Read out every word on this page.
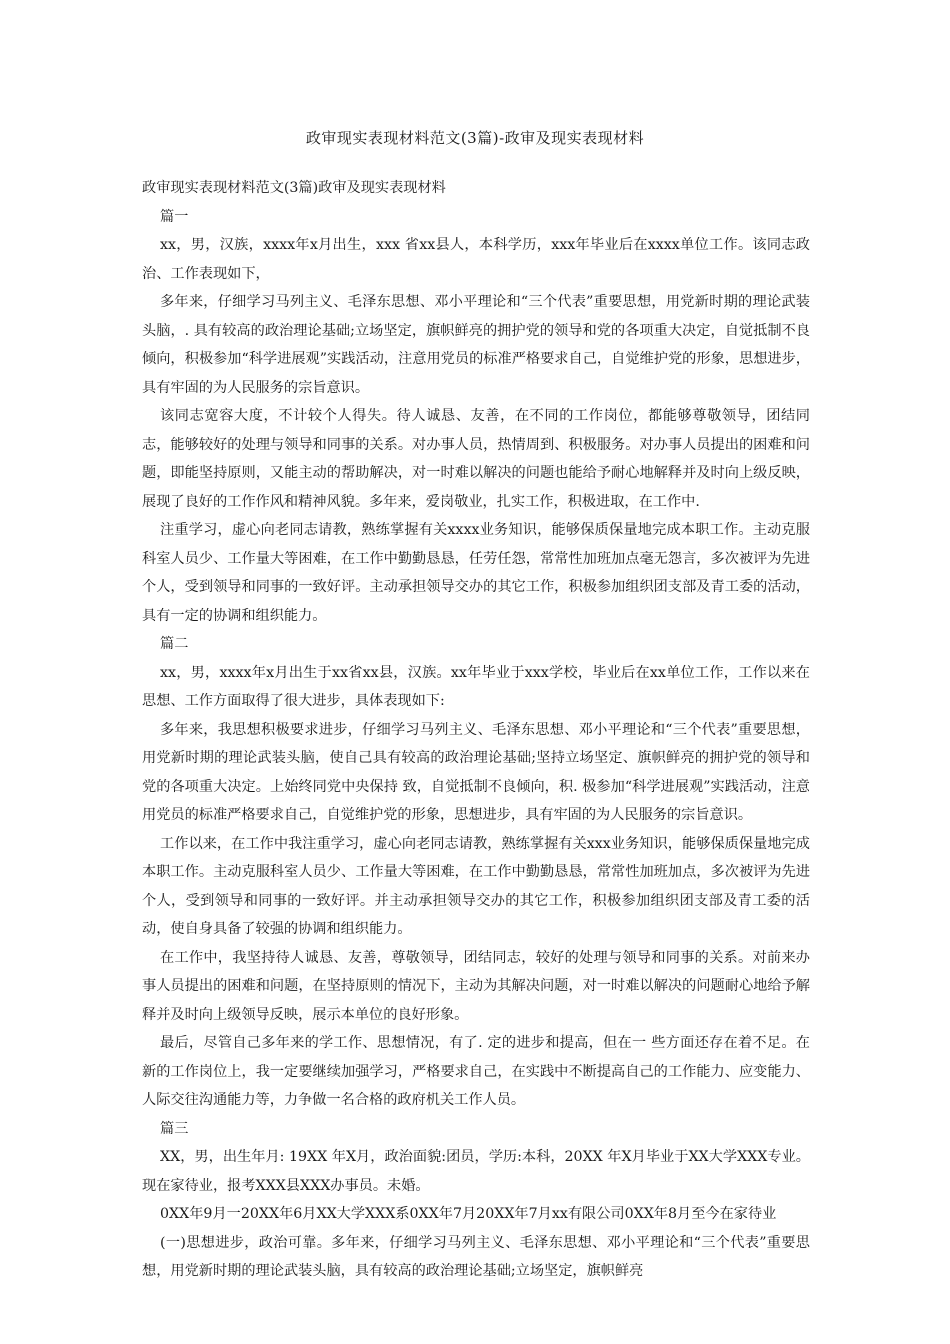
政审现实表现材料范文(3篇)-政审及现实表现材料

政审现实表现材料范文(3篇)政审及现实表现材料

篇一

xx，男，汉族，xxxx年x月出生，xxx 省xx县人，本科学历，xxx年毕业后在xxxx单位工作。该同志政治、工作表现如下，

多年来，仔细学习马列主义、毛泽东思想、邓小平理论和“三个代表”重要思想，用党新时期的理论武装头脑，. 具有较高的政治理论基础;立场坚定，旗帜鲜亮的拥护党的领导和党的各项重大决定，自觉抵制不良倾向，积极参加“科学进展观”实践活动，注意用党员的标准严格要求自己，自觉维护党的形象，思想进步，具有牢固的为人民服务的宗旨意识。

该同志宽容大度，不计较个人得失。待人诚恳、友善，在不同的工作岗位，都能够尊敬领导，团结同志，能够较好的处理与领导和同事的关系。对办事人员，热情周到、积极服务。对办事人员提出的困难和问题，即能坚持原则，又能主动的帮助解决，对一时难以解决的问题也能给予耐心地解释并及时向上级反映，展现了良好的工作作风和精神风貌。多年来，爱岗敬业，扎实工作，积极进取，在工作中.

注重学习，虚心向老同志请教，熟练掌握有关xxxx业务知识，能够保质保量地完成本职工作。主动克服科室人员少、工作量大等困难，在工作中勤勤恳恳，任劳任怨，常常性加班加点毫无怨言，多次被评为先进个人，受到领导和同事的一致好评。主动承担领导交办的其它工作，积极参加组织团支部及青工委的活动，具有一定的协调和组织能力。

篇二

xx，男，xxxx年x月出生于xx省xx县，汉族。xx年毕业于xxx学校，毕业后在xx单位工作，工作以来在思想、工作方面取得了很大进步，具体表现如下:

多年来，我思想积极要求进步，仔细学习马列主义、毛泽东思想、邓小平理论和“三个代表”重要思想，用党新时期的理论武装头脑，使自己具有较高的政治理论基础;坚持立场坚定、旗帜鲜亮的拥护党的领导和党的各项重大决定。上始终同党中央保持 致，自觉抵制不良倾向，积. 极参加“科学进展观”实践活动，注意用党员的标准严格要求自己，自觉维护党的形象，思想进步，具有牢固的为人民服务的宗旨意识。

工作以来，在工作中我注重学习，虚心向老同志请教，熟练掌握有关xxx业务知识，能够保质保量地完成本职工作。主动克服科室人员少、工作量大等困难，在工作中勤勤恳恳，常常性加班加点，多次被评为先进个人，受到领导和同事的一致好评。并主动承担领导交办的其它工作，积极参加组织团支部及青工委的活动，使自身具备了较强的协调和组织能力。

在工作中，我坚持待人诚恳、友善，尊敬领导，团结同志，较好的处理与领导和同事的关系。对前来办事人员提出的困难和问题，在坚持原则的情况下，主动为其解决问题，对一时难以解决的问题耐心地给予解释并及时向上级领导反映，展示本单位的良好形象。

最后，尽管自己多年来的学工作、思想情况，有了. 定的进步和提高，但在一 些方面还存在着不足。在新的工作岗位上，我一定要继续加强学习，严格要求自己，在实践中不断提高自己的工作能力、应变能力、人际交往沟通能力等，力争做一名合格的政府机关工作人员。

篇三

XX，男，出生年月: 19XX 年X月，政治面貌:团员，学历:本科，20XX 年X月毕业于XX大学XXX专业。现在家待业，报考XXX县XXX办事员。未婚。

0XX年9月一20XX年6月XX大学XXX系0XX年7月20XX年7月xx有限公司0XX年8月至今在家待业

(一)思想进步，政治可靠。多年来，仔细学习马列主义、毛泽东思想、邓小平理论和“三个代表”重要思想，用党新时期的理论武装头脑，具有较高的政治理论基础;立场坚定，旗帜鲜亮
